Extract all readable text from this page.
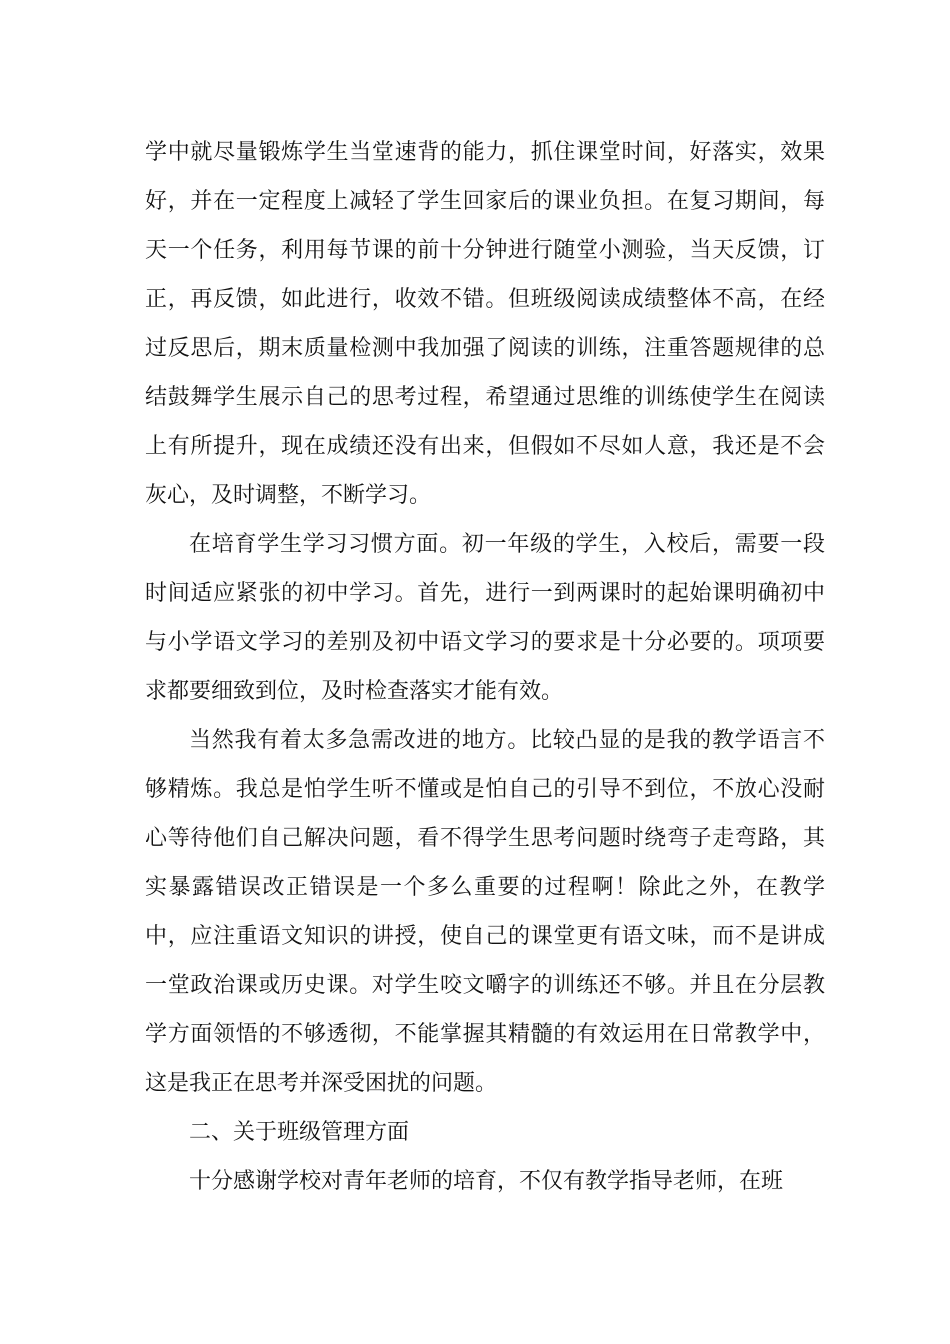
学中就尽量锻炼学生当堂速背的能力，抓住课堂时间，好落实，效果好，并在一定程度上减轻了学生回家后的课业负担。在复习期间，每天一个任务，利用每节课的前十分钟进行随堂小测验，当天反馈，订正，再反馈，如此进行，收效不错。但班级阅读成绩整体不高，在经过反思后，期末质量检测中我加强了阅读的训练，注重答题规律的总结鼓舞学生展示自己的思考过程，希望通过思维的训练使学生在阅读上有所提升，现在成绩还没有出来，但假如不尽如人意，我还是不会灰心，及时调整，不断学习。

在培育学生学习习惯方面。初一年级的学生，入校后，需要一段时间适应紧张的初中学习。首先，进行一到两课时的起始课明确初中与小学语文学习的差别及初中语文学习的要求是十分必要的。项项要求都要细致到位，及时检查落实才能有效。

当然我有着太多急需改进的地方。比较凸显的是我的教学语言不够精炼。我总是怕学生听不懂或是怕自己的引导不到位，不放心没耐心等待他们自己解决问题，看不得学生思考问题时绕弯子走弯路，其实暴露错误改正错误是一个多么重要的过程啊！除此之外，在教学中，应注重语文知识的讲授，使自己的课堂更有语文味，而不是讲成一堂政治课或历史课。对学生咬文嚼字的训练还不够。并且在分层教学方面领悟的不够透彻，不能掌握其精髓的有效运用在日常教学中，这是我正在思考并深受困扰的问题。

二、关于班级管理方面

十分感谢学校对青年老师的培育，不仅有教学指导老师，在班
